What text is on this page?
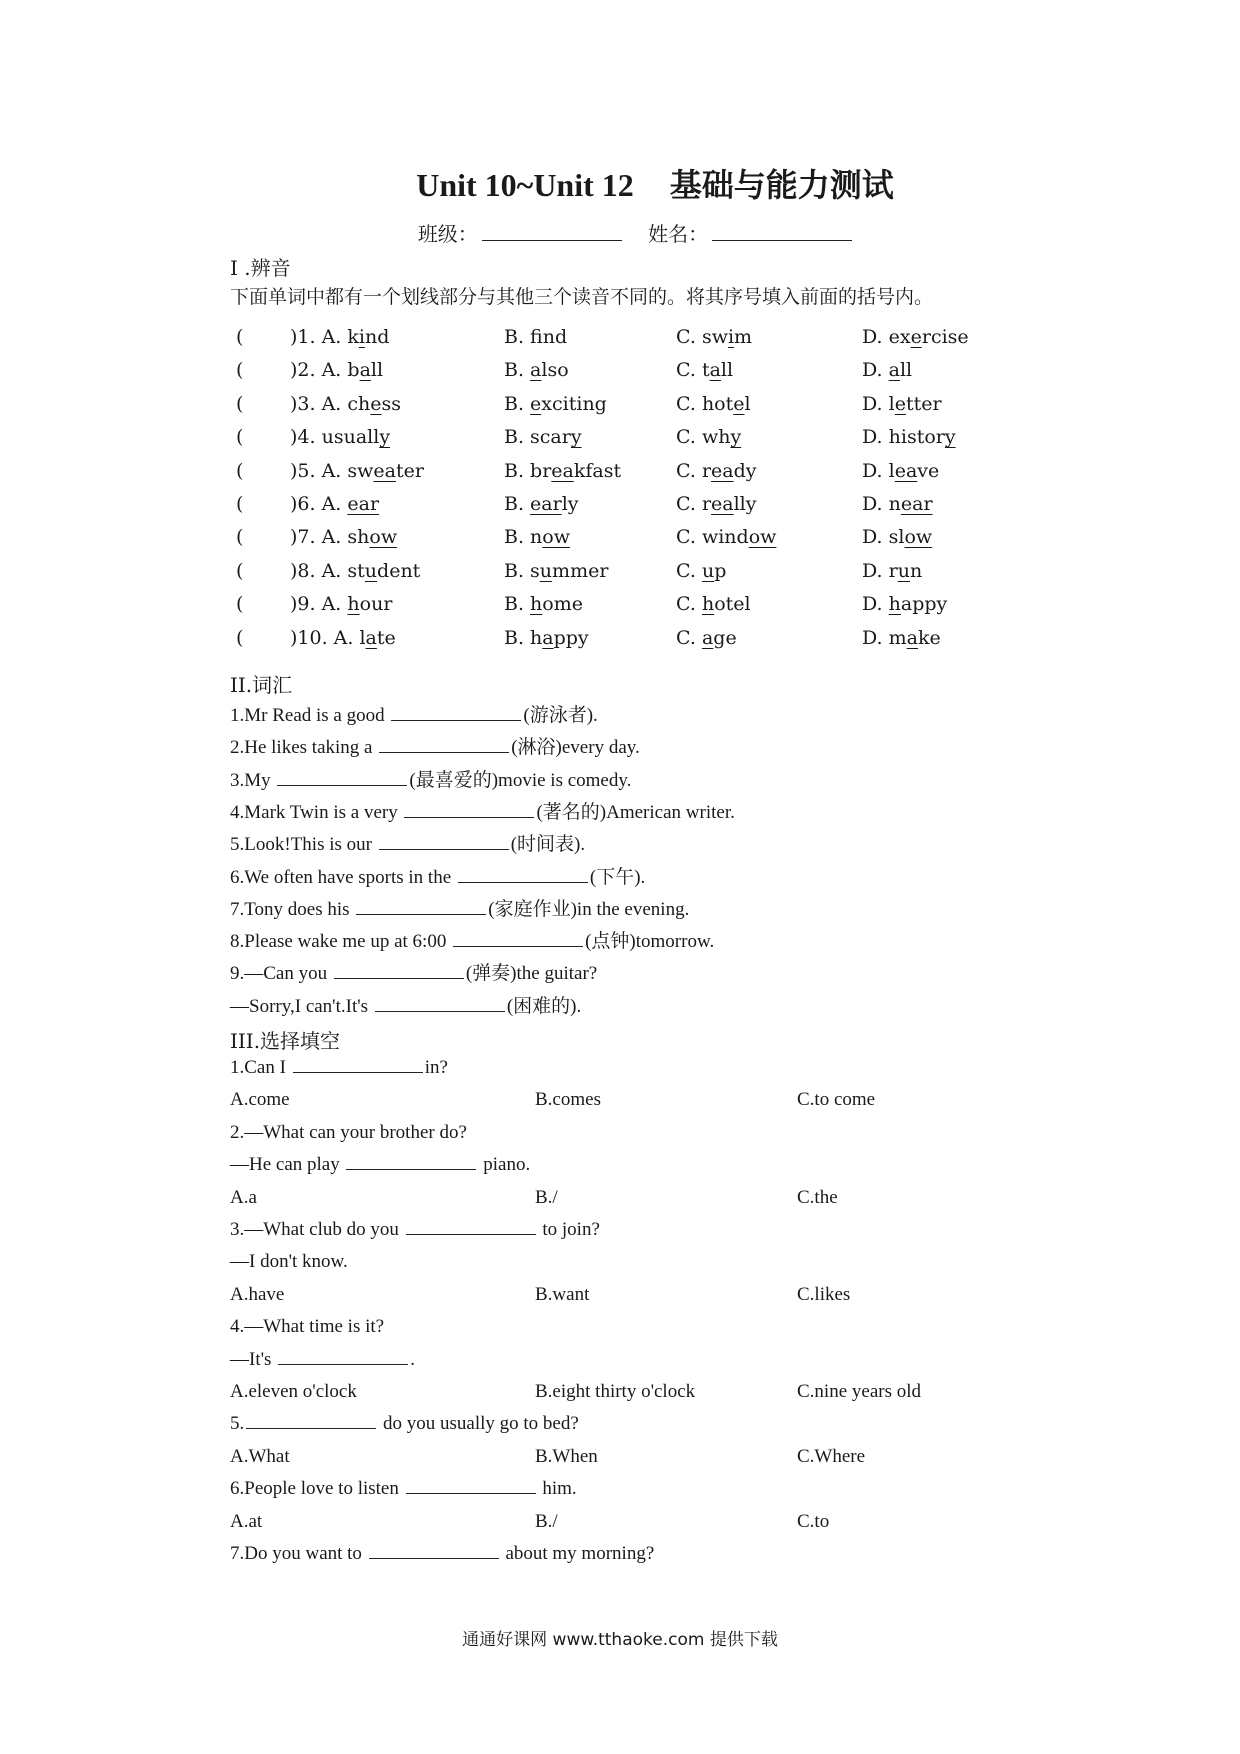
Unit 10~Unit 12 基础与能力测试
班级：	姓名：
I .辨音
下面单词中都有一个划线部分与其他三个读音不同的。将其序号填入前面的括号内。
( )1. A. kind	B. fnd	C. swim	D. exercise
( )2. A. ball	B. also	C. tall	D. all
( )3. A. chess	B. exciting	C. hotel	D. letter
( )4. usually	B. scary	C. why	D. history
( )5. A. sweater	B. breakfast	C. ready	D. leave
( )6. A. ear	B. early	C. really	D. near
( )7. A. show	B. now	C. window	D. slow
( )8. A. student	B. summer	C. up	D. run
( )9. A. hour	B. home	C. hotel	D. happy
( )10. A. late	B. happy	C. age	D. make
II.词汇
1.Mr Read is a good	(游泳者).
2.He likes taking a	(淋浴)every day.
3.My	(最喜爱的)movie is comedy.
4.Mark Twin is a very	(著名的)American writer.
5.Look!This is our	(时间表).
6.We often have sports in the	(下午).
7.Tony does his	(家庭作业)in the evening.
8.Please wake me up at 6:00	(点钟)tomorrow.
9.—Can you	(弹奏)the guitar?
—Sorry,I can't.It's	(困难的).
III.选择填空
1.Can I	in?
A.come	B.comes	C.to come
2.—What can your brother do?
—He can play	piano.
A.a	B./	C.the
3.—What club do you	to join?
—I don't know.
A.have	B.want	C.likes
4.—What time is it?
—It's	.
A.eleven o'clock	B.eight thirty o'clock	C.nine years old
5.	do you usually go to bed?
A.What	B.When	C.Where
6.People love to listen	him.
A.at	B./	C.to
7.Do you want to	about my morning?
通通好课网 www.tthaoke.com 提供下载
